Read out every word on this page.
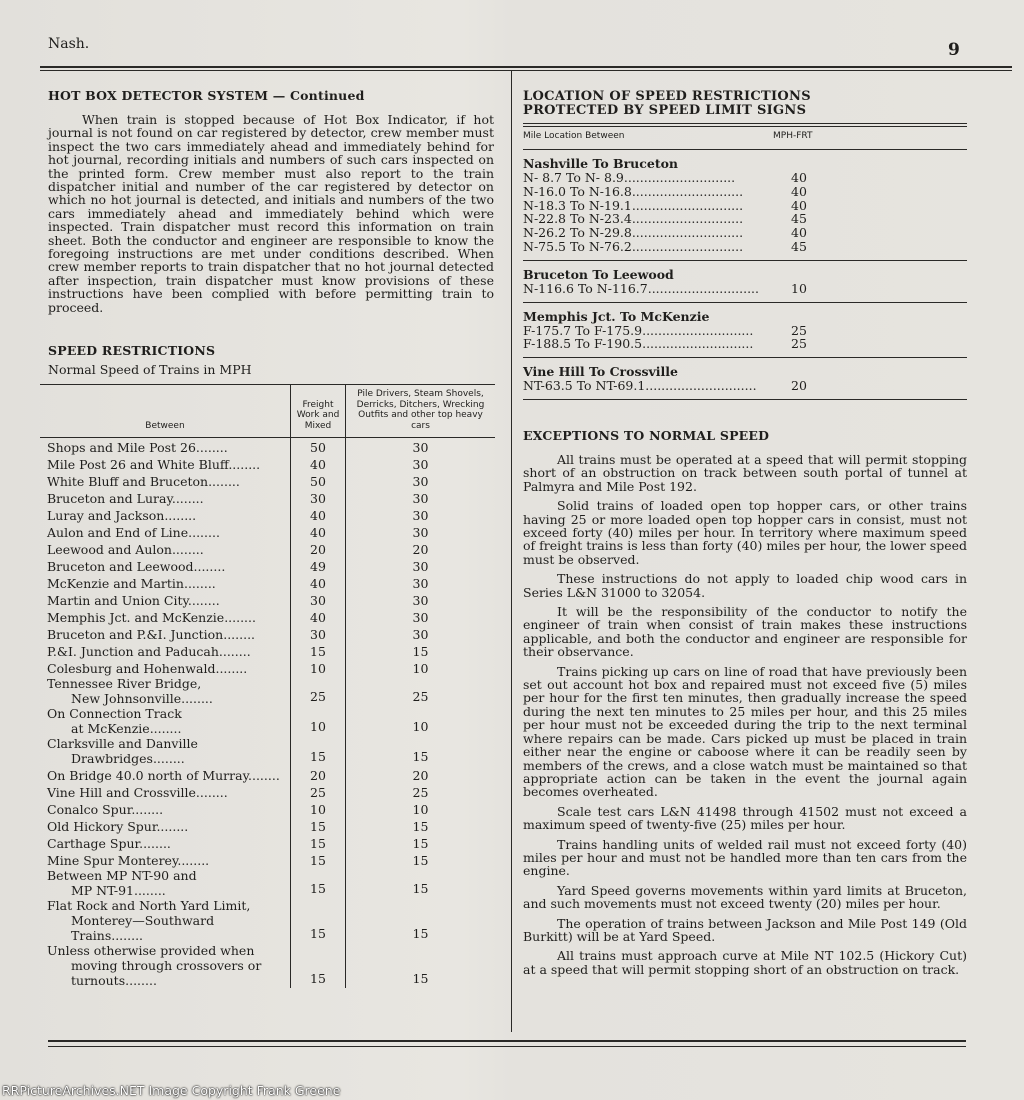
Nash.	9
HOT BOX DETECTOR SYSTEM — Continued

When train is stopped because of Hot Box Indicator, if hot journal is not found on car registered by detector, crew member must inspect the two cars immediately ahead and immediately behind for hot journal, recording initials and numbers of such cars inspected on the printed form. Crew member must also report to the train dispatcher initial and number of the car registered by detector on which no hot journal is detected, and initials and numbers of the two cars immediately ahead and immediately behind which were inspected. Train dispatcher must record this information on train sheet. Both the conductor and engineer are responsible to know the foregoing instructions are met under conditions described. When crew member reports to train dispatcher that no hot journal detected after inspection, train dispatcher must know provisions of these instructions have been complied with before permitting train to proceed.

SPEED RESTRICTIONS
Normal Speed of Trains in MPH
Between	Freight Work and Mixed	Pile Drivers, Steam Shovels, Derricks, Ditchers, Wrecking Outfits and other top heavy cars

Shops and Mile Post 26........	50	30

Mile Post 26 and White Bluff........	40	30

White Bluff and Bruceton........	50	30

Bruceton and Luray........	30	30

Luray and Jackson........	40	30

Aulon and End of Line........	40	30

Leewood and Aulon........	20	20

Bruceton and Leewood........	49	30

McKenzie and Martin........	40	30

Martin and Union City........	30	30

Memphis Jct. and McKenzie........	40	30

Bruceton and P.&I. Junction........	30	30

P.&I. Junction and Paducah........	15	15

Colesburg and Hohenwald........	10	10

Tennessee River Bridge,
New Johnsonville........	25	25

On Connection Track
at McKenzie........	10	10

Clarksville and Danville
Drawbridges........	15	15

On Bridge 40.0 north of Murray........	20	20

Vine Hill and Crossville........	25	25

Conalco Spur........	10	10

Old Hickory Spur........	15	15

Carthage Spur........	15	15

Mine Spur Monterey........	15	15

Between MP NT-90 and
MP NT-91........	15	15

Flat Rock and North Yard Limit,
Monterey—Southward
Trains........	15	15

Unless otherwise provided when
moving through crossovers or
turnouts........	15	15
LOCATION OF SPEED RESTRICTIONS
PROTECTED BY SPEED LIMIT SIGNS
Mile Location Between	MPH-FRT
Nashville To Bruceton
N- 8.7 To N- 8.9............................	40
N-16.0 To N-16.8............................	40
N-18.3 To N-19.1............................	40
N-22.8 To N-23.4............................	45
N-26.2 To N-29.8............................	40
N-75.5 To N-76.2............................	45
Bruceton To Leewood
N-116.6 To N-116.7............................	10
Memphis Jct. To McKenzie
F-175.7 To F-175.9............................	25
F-188.5 To F-190.5............................	25
Vine Hill To Crossville
NT-63.5 To NT-69.1............................	20
EXCEPTIONS TO NORMAL SPEED

All trains must be operated at a speed that will permit stopping short of an obstruction on track between south portal of tunnel at Palmyra and Mile Post 192.

Solid trains of loaded open top hopper cars, or other trains having 25 or more loaded open top hopper cars in consist, must not exceed forty (40) miles per hour. In territory where maximum speed of freight trains is less than forty (40) miles per hour, the lower speed must be observed.

These instructions do not apply to loaded chip wood cars in Series L&N 31000 to 32054.

It will be the responsibility of the conductor to notify the engineer of train when consist of train makes these instructions applicable, and both the conductor and engineer are responsible for their observance.

Trains picking up cars on line of road that have previously been set out account hot box and repaired must not exceed five (5) miles per hour for the first ten minutes, then gradually increase the speed during the next ten minutes to 25 miles per hour, and this 25 miles per hour must not be exceeded during the trip to the next terminal where repairs can be made. Cars picked up must be placed in train either near the engine or caboose where it can be readily seen by members of the crews, and a close watch must be maintained so that appropriate action can be taken in the event the journal again becomes overheated.

Scale test cars L&N 41498 through 41502 must not exceed a maximum speed of twenty-five (25) miles per hour.

Trains handling units of welded rail must not exceed forty (40) miles per hour and must not be handled more than ten cars from the engine.

Yard Speed governs movements within yard limits at Bruceton, and such movements must not exceed twenty (20) miles per hour.

The operation of trains between Jackson and Mile Post 149 (Old Burkitt) will be at Yard Speed.

All trains must approach curve at Mile NT 102.5 (Hickory Cut) at a speed that will permit stopping short of an obstruction on track.

RRPictureArchives.NET Image Copyright Frank Greene
